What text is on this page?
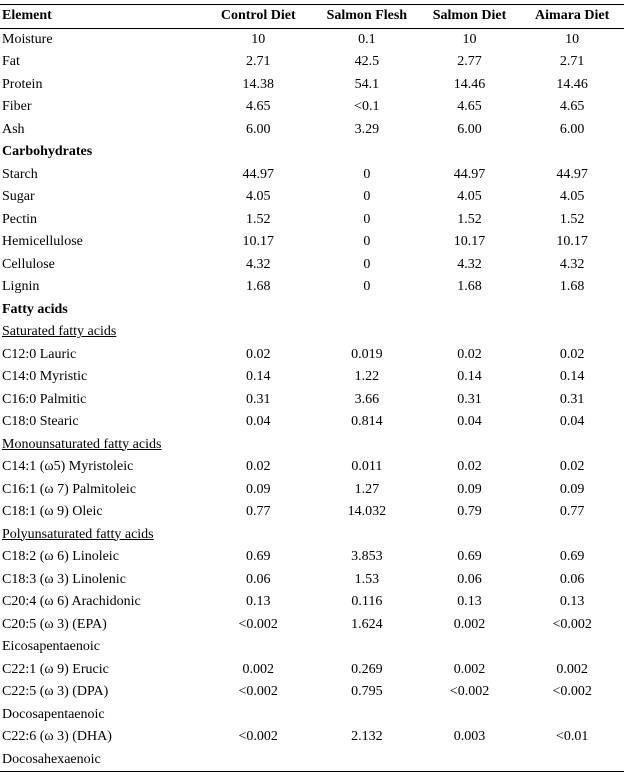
Element	Control Diet	Salmon Flesh	Salmon Diet	Aimara Diet
Moisture	10	0.1	10	10
Fat	2.71	42.5	2.77	2.71
Protein	14.38	54.1	14.46	14.46
Fiber	4.65	<0.1	4.65	4.65
Ash	6.00	3.29	6.00	6.00
Carbohydrates				
Starch	44.97	0	44.97	44.97
Sugar	4.05	0	4.05	4.05
Pectin	1.52	0	1.52	1.52
Hemicellulose	10.17	0	10.17	10.17
Cellulose	4.32	0	4.32	4.32
Lignin	1.68	0	1.68	1.68
Fatty acids				
Saturated fatty acids				
C12:0 Lauric	0.02	0.019	0.02	0.02
C14:0 Myristic	0.14	1.22	0.14	0.14
C16:0 Palmitic	0.31	3.66	0.31	0.31
C18:0 Stearic	0.04	0.814	0.04	0.04
Monounsaturated fatty acids				
C14:1 (ω5) Myristoleic	0.02	0.011	0.02	0.02
C16:1 (ω 7) Palmitoleic	0.09	1.27	0.09	0.09
C18:1 (ω 9) Oleic	0.77	14.032	0.79	0.77
Polyunsaturated fatty acids				
C18:2 (ω 6) Linoleic	0.69	3.853	0.69	0.69
C18:3 (ω 3) Linolenic	0.06	1.53	0.06	0.06
C20:4 (ω 6) Arachidonic	0.13	0.116	0.13	0.13
C20:5 (ω 3) (EPA)	<0.002	1.624	0.002	<0.002
Eicosapentaenoic				
C22:1 (ω 9) Erucic	0.002	0.269	0.002	0.002
C22:5 (ω 3) (DPA)	<0.002	0.795	<0.002	<0.002
Docosapentaenoic				
C22:6 (ω 3) (DHA)	<0.002	2.132	0.003	<0.01
Docosahexaenoic				
